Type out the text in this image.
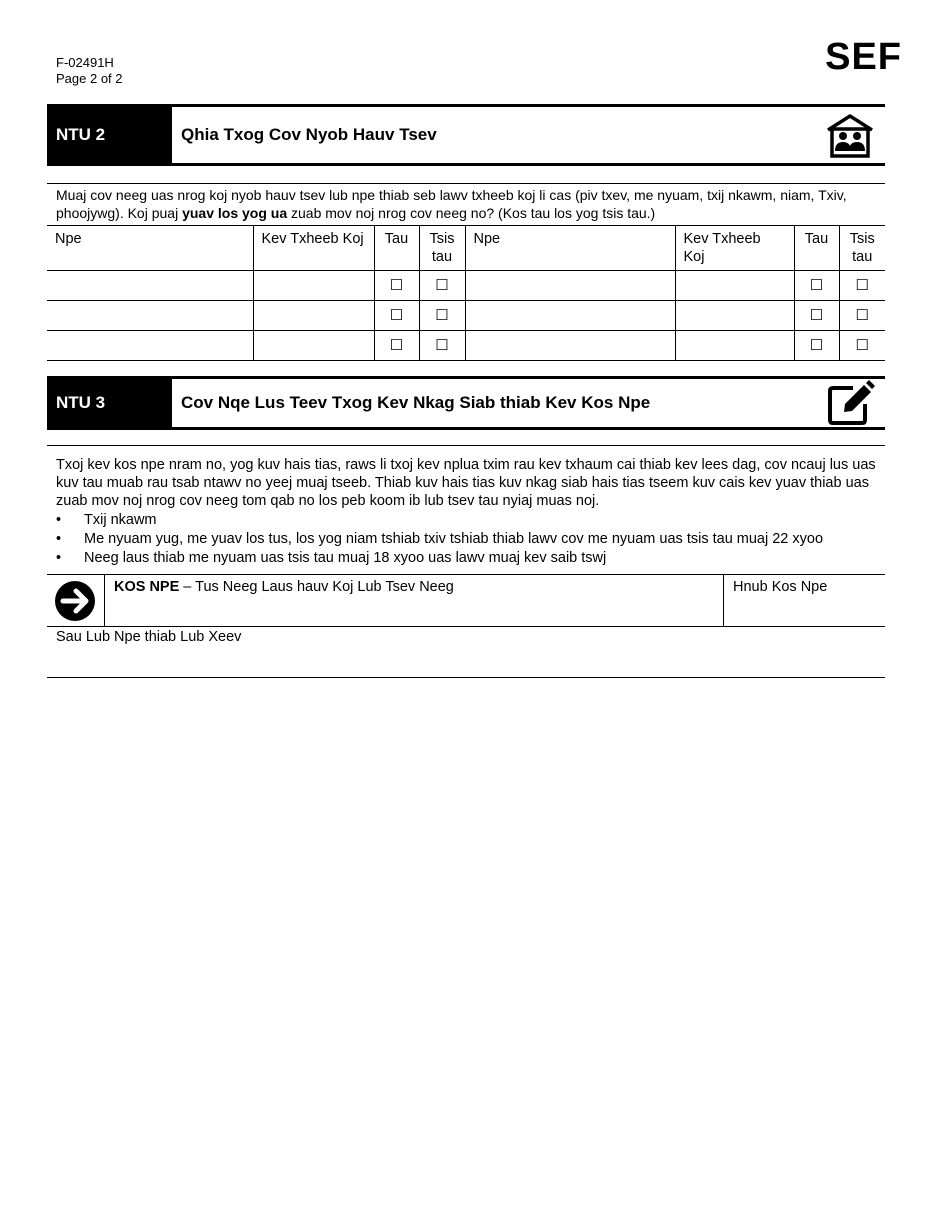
F-02491H
Page 2 of 2
SEF
NTU 2	Qhia Txog Cov Nyob Hauv Tsev
Muaj cov neeg uas nrog koj nyob hauv tsev lub npe thiab seb lawv txheeb koj li cas (piv txev, me nyuam, txij nkawm, niam, Txiv, phoojywg). Koj puaj yuav los yog ua zuab mov noj nrog cov neeg no? (Kos tau los yog tsis tau.)
Npe	Kev Txheeb Koj	Tau	Tsis tau	Npe	Kev Txheeb Koj	Tau	Tsis tau
		☐	☐			☐	☐
		☐	☐			☐	☐
		☐	☐			☐	☐
NTU 3	Cov Nqe Lus Teev Txog Kev Nkag Siab thiab Kev Kos Npe
Txoj kev kos npe nram no, yog kuv hais tias, raws li txoj kev nplua txim rau kev txhaum cai thiab kev lees dag, cov ncauj lus uas kuv tau muab rau tsab ntawv no yeej muaj tseeb. Thiab kuv hais tias kuv nkag siab hais tias tseem kuv cais kev yuav thiab uas zuab mov noj nrog cov neeg tom qab no los peb koom ib lub tsev tau nyiaj muas noj.
• Txij nkawm
• Me nyuam yug, me yuav los tus, los yog niam tshiab txiv tshiab thiab lawv cov me nyuam uas tsis tau muaj 22 xyoo
• Neeg laus thiab me nyuam uas tsis tau muaj 18 xyoo uas lawv muaj kev saib tswj
KOS NPE – Tus Neeg Laus hauv Koj Lub Tsev Neeg	Hnub Kos Npe
Sau Lub Npe thiab Lub Xeev
